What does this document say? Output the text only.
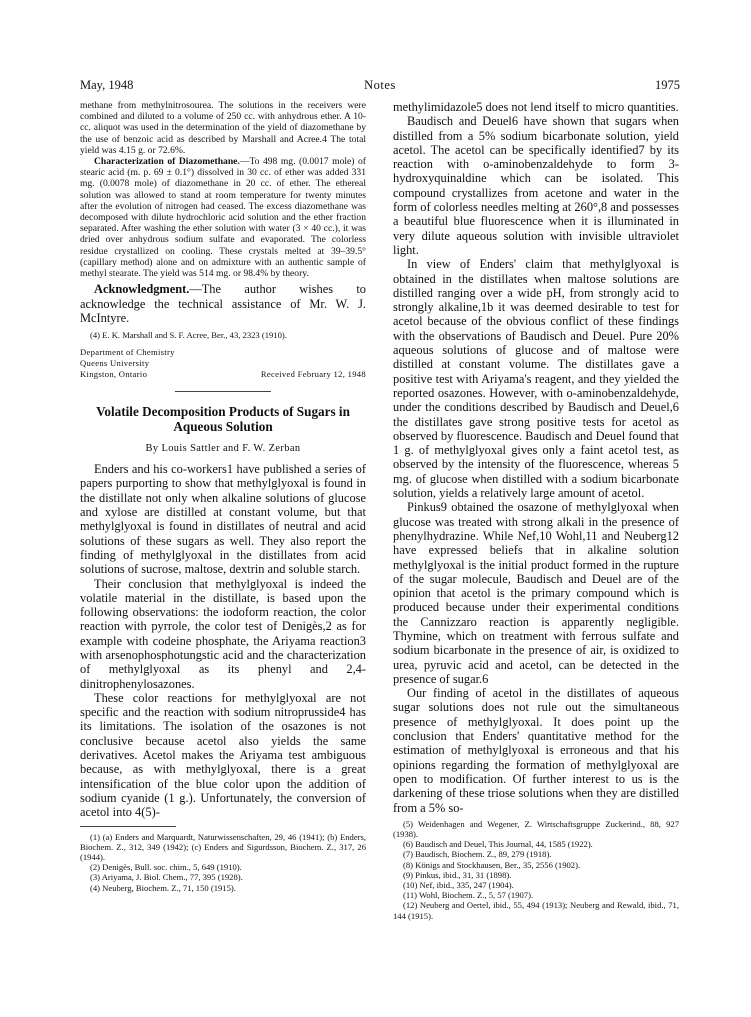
May, 1948	Notes	1975

methane from methylnitrosourea. The solutions in the receivers were combined and diluted to a volume of 250 cc. with anhydrous ether. A 10-cc. aliquot was used in the determination of the yield of diazomethane by the use of benzoic acid as described by Marshall and Acree.4 The total yield was 4.15 g. or 72.6%.

Characterization of Diazomethane.—To 498 mg. (0.0017 mole) of stearic acid (m. p. 69 ± 0.1°) dissolved in 30 cc. of ether was added 331 mg. (0.0078 mole) of diazomethane in 20 cc. of ether. The ethereal solution was allowed to stand at room temperature for twenty minutes after the evolution of nitrogen had ceased. The excess diazomethane was decomposed with dilute hydrochloric acid solution and the ether fraction separated. After washing the ether solution with water (3 × 40 cc.), it was dried over anhydrous sodium sulfate and evaporated. The colorless residue crystallized on cooling. These crystals melted at 39–39.5° (capillary method) alone and on admixture with an authentic sample of methyl stearate. The yield was 514 mg. or 98.4% by theory.

Acknowledgment.—The author wishes to acknowledge the technical assistance of Mr. W. J. McIntyre.

(4) E. K. Marshall and S. F. Acree, Ber., 43, 2323 (1910).

Department of Chemistry
Queens University
Kingston, Ontario	Received February 12, 1948
Volatile Decomposition Products of Sugars in Aqueous Solution
By Louis Sattler and F. W. Zerban

Enders and his co-workers1 have published a series of papers purporting to show that methylglyoxal is found in the distillate not only when alkaline solutions of glucose and xylose are distilled at constant volume, but that methylglyoxal is found in distillates of neutral and acid solutions of these sugars as well. They also report the finding of methylglyoxal in the distillates from acid solutions of sucrose, maltose, dextrin and soluble starch.

Their conclusion that methylglyoxal is indeed the volatile material in the distillate, is based upon the following observations: the iodoform reaction, the color reaction with pyrrole, the color test of Denigès,2 as for example with codeine phosphate, the Ariyama reaction3 with arsenophosphotungstic acid and the characterization of methylglyoxal as its phenyl and 2,4-dinitrophenylosazones.

These color reactions for methylglyoxal are not specific and the reaction with sodium nitroprusside4 has its limitations. The isolation of the osazones is not conclusive because acetol also yields the same derivatives. Acetol makes the Ariyama test ambiguous because, as with methylglyoxal, there is a great intensification of the blue color upon the addition of sodium cyanide (1 g.). Unfortunately, the conversion of acetol into 4(5)-

(1) (a) Enders and Marquardt, Naturwissenschaften, 29, 46 (1941); (b) Enders, Biochem. Z., 312, 349 (1942); (c) Enders and Sigurdsson, Biochem. Z., 317, 26 (1944).

(2) Denigès, Bull. soc. chim., 5, 649 (1910).

(3) Ariyama, J. Biol. Chem., 77, 395 (1928).

(4) Neuberg, Biochem. Z., 71, 150 (1915).

methylimidazole5 does not lend itself to micro quantities.

Baudisch and Deuel6 have shown that sugars when distilled from a 5% sodium bicarbonate solution, yield acetol. The acetol can be specifically identified7 by its reaction with o-aminobenzaldehyde to form 3-hydroxyquinaldine which can be isolated. This compound crystallizes from acetone and water in the form of colorless needles melting at 260°,8 and possesses a beautiful blue fluorescence when it is illuminated in very dilute aqueous solution with invisible ultraviolet light.

In view of Enders' claim that methylglyoxal is obtained in the distillates when maltose solutions are distilled ranging over a wide pH, from strongly acid to strongly alkaline,1b it was deemed desirable to test for acetol because of the obvious conflict of these findings with the observations of Baudisch and Deuel. Pure 20% aqueous solutions of glucose and of maltose were distilled at constant volume. The distillates gave a positive test with Ariyama's reagent, and they yielded the reported osazones. However, with o-aminobenzaldehyde, under the conditions described by Baudisch and Deuel,6 the distillates gave strong positive tests for acetol as observed by fluorescence. Baudisch and Deuel found that 1 g. of methylglyoxal gives only a faint acetol test, as observed by the intensity of the fluorescence, whereas 5 mg. of glucose when distilled with a sodium bicarbonate solution, yields a relatively large amount of acetol.

Pinkus9 obtained the osazone of methylglyoxal when glucose was treated with strong alkali in the presence of phenylhydrazine. While Nef,10 Wohl,11 and Neuberg12 have expressed beliefs that in alkaline solution methylglyoxal is the initial product formed in the rupture of the sugar molecule, Baudisch and Deuel are of the opinion that acetol is the primary compound which is produced because under their experimental conditions the Cannizzaro reaction is apparently negligible. Thymine, which on treatment with ferrous sulfate and sodium bicarbonate in the presence of air, is oxidized to urea, pyruvic acid and acetol, can be detected in the presence of sugar.6

Our finding of acetol in the distillates of aqueous sugar solutions does not rule out the simultaneous presence of methylglyoxal. It does point up the conclusion that Enders' quantitative method for the estimation of methylglyoxal is erroneous and that his opinions regarding the formation of methylglyoxal are open to modification. Of further interest to us is the darkening of these triose solutions when they are distilled from a 5% so-

(5) Weidenhagen and Wegener, Z. Wirtschaftsgruppe Zuckerind., 88, 927 (1938).

(6) Baudisch and Deuel, This Journal, 44, 1585 (1922).

(7) Baudisch, Biochem. Z., 89, 279 (1918).

(8) Königs and Stockhausen, Ber., 35, 2556 (1902).

(9) Pinkus, ibid., 31, 31 (1898).

(10) Nef, ibid., 335, 247 (1904).

(11) Wohl, Biochem. Z., 5, 57 (1907).

(12) Neuberg and Oertel, ibid., 55, 494 (1913); Neuberg and Rewald, ibid., 71, 144 (1915).
